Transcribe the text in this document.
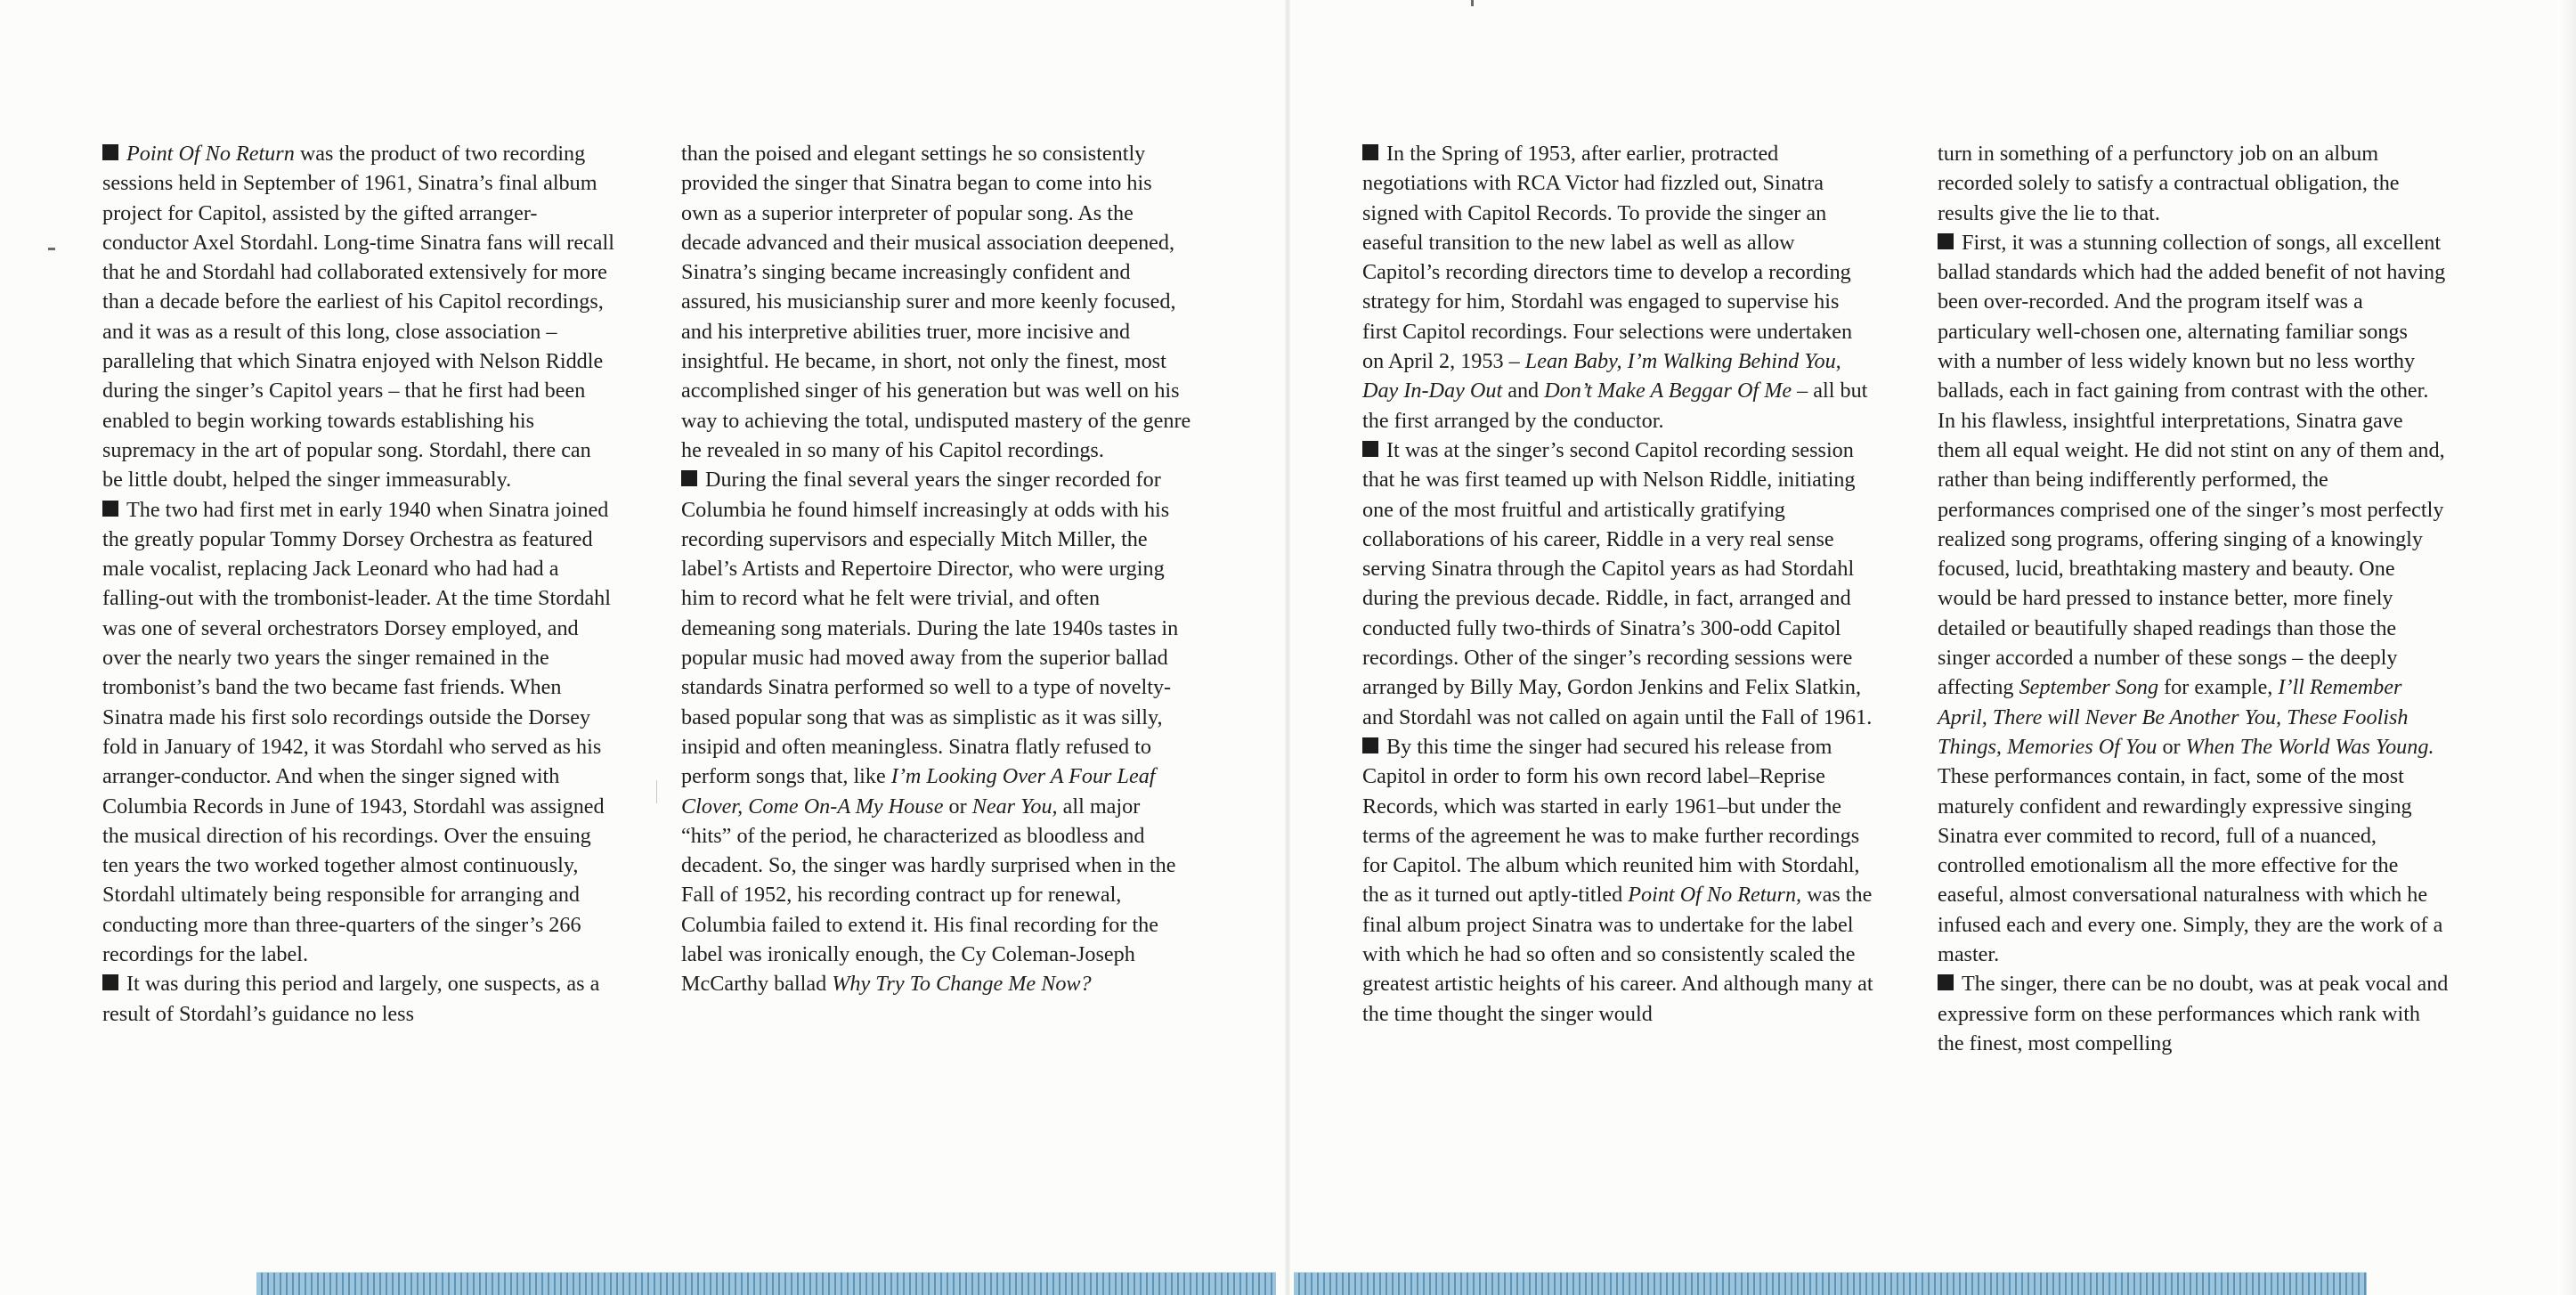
Point Of No Return was the product of two recording sessions held in September of 1961, Sinatra’s final album project for Capitol, assisted by the gifted arranger-conductor Axel Stordahl. Long-time Sinatra fans will recall that he and Stordahl had collaborated extensively for more than a decade before the earliest of his Capitol recordings, and it was as a result of this long, close association – paralleling that which Sinatra enjoyed with Nelson Riddle during the singer’s Capitol years – that he first had been enabled to begin working towards establishing his supremacy in the art of popular song. Stordahl, there can be little doubt, helped the singer immeasurably.

The two had first met in early 1940 when Sinatra joined the greatly popular Tommy Dorsey Orchestra as featured male vocalist, replacing Jack Leonard who had had a falling-out with the trombonist-leader. At the time Stordahl was one of several orchestrators Dorsey employed, and over the nearly two years the singer remained in the trombonist’s band the two became fast friends. When Sinatra made his first solo recordings outside the Dorsey fold in January of 1942, it was Stordahl who served as his arranger-conductor. And when the singer signed with Columbia Records in June of 1943, Stordahl was assigned the musical direction of his recordings. Over the ensuing ten years the two worked together almost continuously, Stordahl ultimately being responsible for arranging and conducting more than three-quarters of the singer’s 266 recordings for the label.

It was during this period and largely, one suspects, as a result of Stordahl’s guidance no less

than the poised and elegant settings he so consistently provided the singer that Sinatra began to come into his own as a superior interpreter of popular song. As the decade advanced and their musical association deepened, Sinatra’s singing became increasingly confident and assured, his musicianship surer and more keenly focused, and his interpretive abilities truer, more incisive and insightful. He became, in short, not only the finest, most accomplished singer of his generation but was well on his way to achieving the total, undisputed mastery of the genre he revealed in so many of his Capitol recordings.

During the final several years the singer recorded for Columbia he found himself increasingly at odds with his recording supervisors and especially Mitch Miller, the label’s Artists and Repertoire Director, who were urging him to record what he felt were trivial, and often demeaning song materials. During the late 1940s tastes in popular music had moved away from the superior ballad standards Sinatra performed so well to a type of novelty- based popular song that was as simplistic as it was silly, insipid and often meaningless. Sinatra flatly refused to perform songs that, like I’m Looking Over A Four Leaf Clover, Come On-A My House or Near You, all major “hits” of the period, he characterized as bloodless and decadent. So, the singer was hardly surprised when in the Fall of 1952, his recording contract up for renewal, Columbia failed to extend it. His final recording for the label was ironically enough, the Cy Coleman-Joseph McCarthy ballad Why Try To Change Me Now?

In the Spring of 1953, after earlier, protracted negotiations with RCA Victor had fizzled out, Sinatra signed with Capitol Records. To provide the singer an easeful transition to the new label as well as allow Capitol’s recording directors time to develop a recording strategy for him, Stordahl was engaged to supervise his first Capitol recordings. Four selections were undertaken on April 2, 1953 – Lean Baby, I’m Walking Behind You, Day In-Day Out and Don’t Make A Beggar Of Me – all but the first arranged by the conductor.

It was at the singer’s second Capitol recording session that he was first teamed up with Nelson Riddle, initiating one of the most fruitful and artistically gratifying collaborations of his career, Riddle in a very real sense serving Sinatra through the Capitol years as had Stordahl during the previous decade. Riddle, in fact, arranged and conducted fully two-thirds of Sinatra’s 300-odd Capitol recordings. Other of the singer’s recording sessions were arranged by Billy May, Gordon Jenkins and Felix Slatkin, and Stordahl was not called on again until the Fall of 1961.

By this time the singer had secured his release from Capitol in order to form his own record label–Reprise Records, which was started in early 1961–but under the terms of the agreement he was to make further recordings for Capitol. The album which reunited him with Stordahl, the as it turned out aptly-titled Point Of No Return, was the final album project Sinatra was to undertake for the label with which he had so often and so consistently scaled the greatest artistic heights of his career. And although many at the time thought the singer would

turn in something of a perfunctory job on an album recorded solely to satisfy a contractual obligation, the results give the lie to that.

First, it was a stunning collection of songs, all excellent ballad standards which had the added benefit of not having been over-recorded. And the program itself was a particulary well-chosen one, alternating familiar songs with a number of less widely known but no less worthy ballads, each in fact gaining from contrast with the other. In his flawless, insightful interpretations, Sinatra gave them all equal weight. He did not stint on any of them and, rather than being indifferently performed, the performances comprised one of the singer’s most perfectly realized song programs, offering singing of a knowingly focused, lucid, breathtaking mastery and beauty. One would be hard pressed to instance better, more finely detailed or beautifully shaped readings than those the singer accorded a number of these songs – the deeply affecting September Song for example, I’ll Remember April, There will Never Be Another You, These Foolish Things, Memories Of You or When The World Was Young. These performances contain, in fact, some of the most maturely confident and rewardingly expressive singing Sinatra ever commited to record, full of a nuanced, controlled emotionalism all the more effective for the easeful, almost conversational naturalness with which he infused each and every one. Simply, they are the work of a master.

The singer, there can be no doubt, was at peak vocal and expressive form on these performances which rank with the finest, most compelling
